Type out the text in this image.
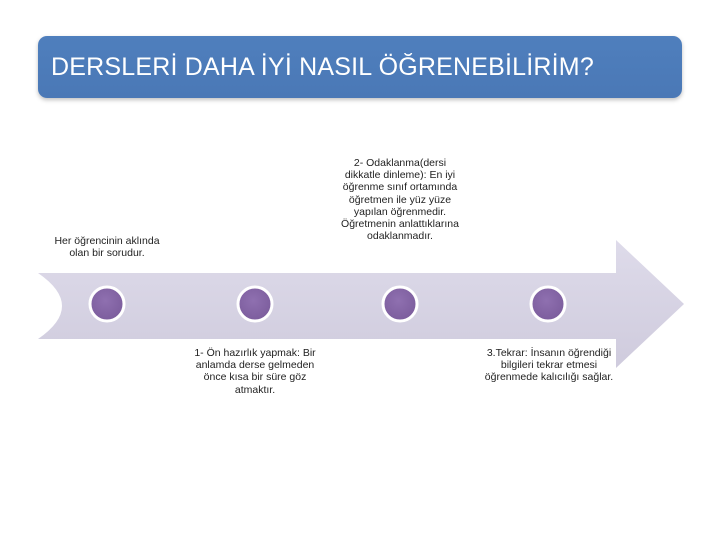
DERSLERİ DAHA İYİ NASIL ÖĞRENEBİLİRİM?
Her öğrencinin aklında olan bir sorudur.
1- Ön hazırlık yapmak: Bir anlamda derse gelmeden önce kısa bir süre göz atmaktır.
2- Odaklanma(dersi dikkatle dinleme): En iyi öğrenme sınıf ortamında öğretmen ile yüz yüze yapılan öğrenmedir. Öğretmenin anlattıklarına odaklanmadır.
3.Tekrar: İnsanın öğrendiği bilgileri tekrar etmesi öğrenmede kalıcılığı sağlar.
